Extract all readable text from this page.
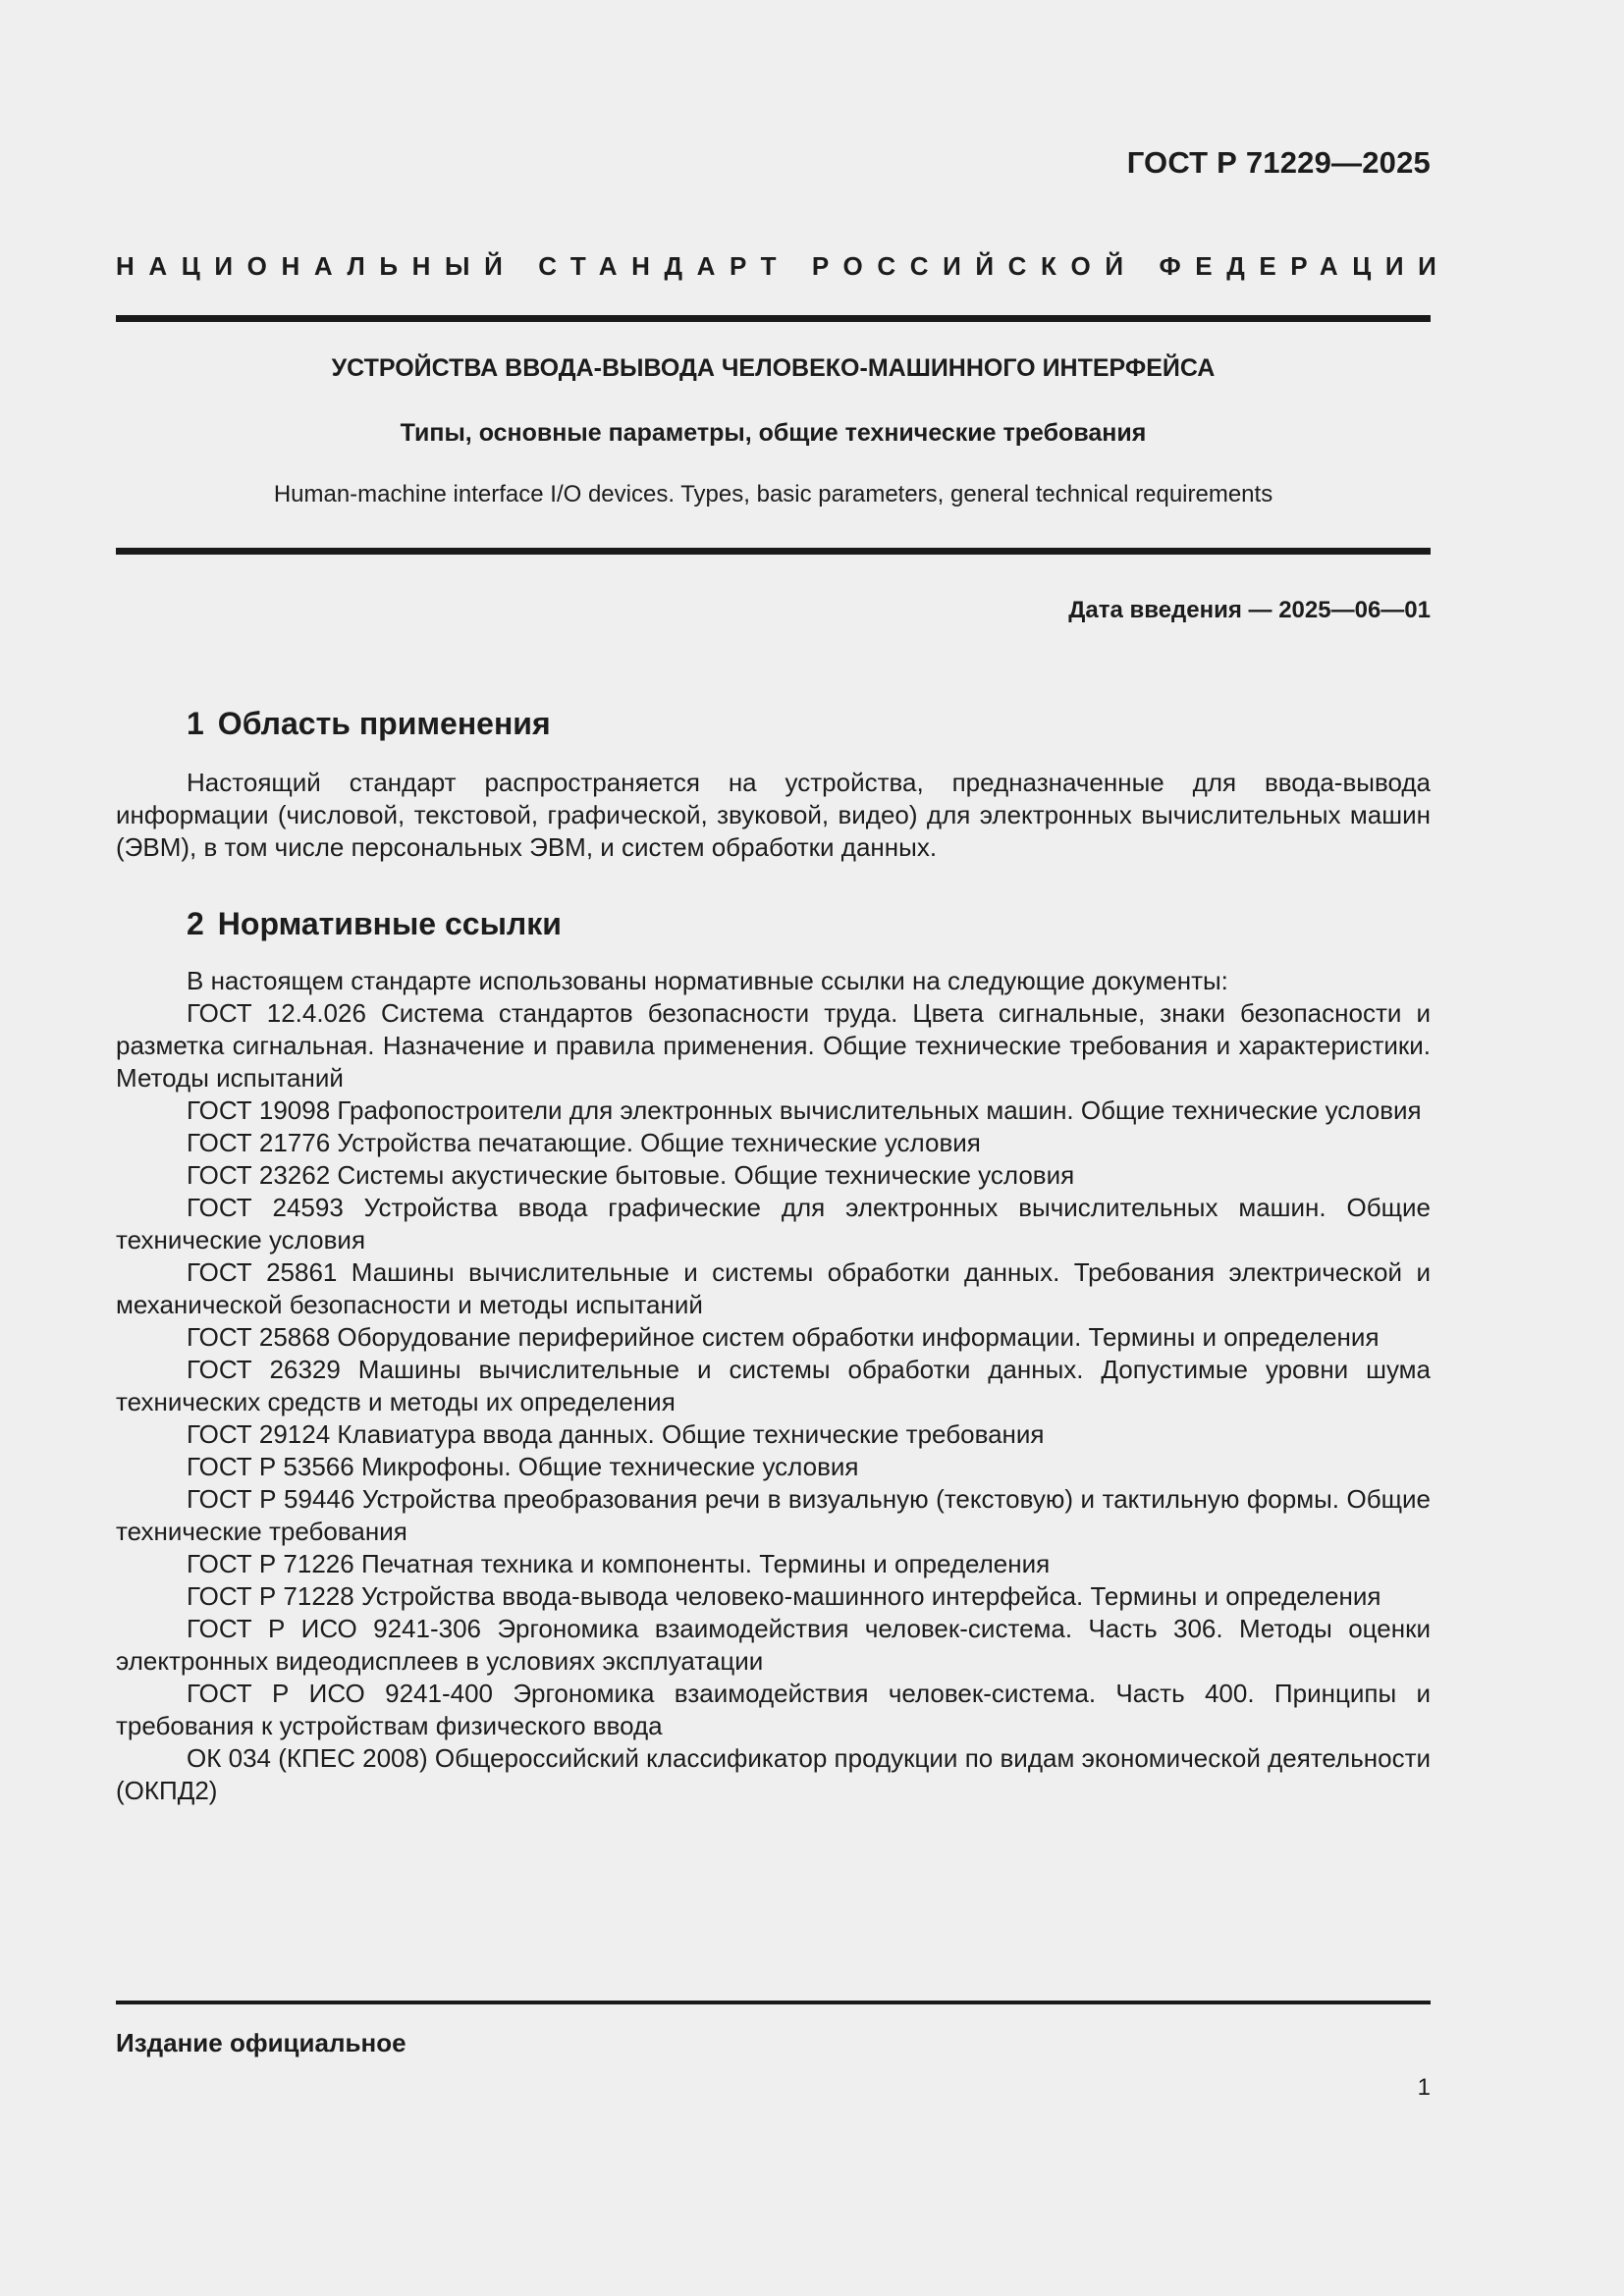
ГОСТ Р 71229—2025
НАЦИОНАЛЬНЫЙ СТАНДАРТ РОССИЙСКОЙ ФЕДЕРАЦИИ
УСТРОЙСТВА ВВОДА-ВЫВОДА ЧЕЛОВЕКО-МАШИННОГО ИНТЕРФЕЙСА
Типы, основные параметры, общие технические требования
Human-machine interface I/O devices. Types, basic parameters, general technical requirements
Дата введения — 2025—06—01
1 Область применения

Настоящий стандарт распространяется на устройства, предназначенные для ввода-вывода информации (числовой, текстовой, графической, звуковой, видео) для электронных вычислительных машин (ЭВМ), в том числе персональных ЭВМ, и систем обработки данных.

2 Нормативные ссылки

В настоящем стандарте использованы нормативные ссылки на следующие документы:

ГОСТ 12.4.026 Система стандартов безопасности труда. Цвета сигнальные, знаки безопасности и разметка сигнальная. Назначение и правила применения. Общие технические требования и характеристики. Методы испытаний

ГОСТ 19098 Графопостроители для электронных вычислительных машин. Общие технические условия

ГОСТ 21776 Устройства печатающие. Общие технические условия

ГОСТ 23262 Системы акустические бытовые. Общие технические условия

ГОСТ 24593 Устройства ввода графические для электронных вычислительных машин. Общие технические условия

ГОСТ 25861 Машины вычислительные и системы обработки данных. Требования электрической и механической безопасности и методы испытаний

ГОСТ 25868 Оборудование периферийное систем обработки информации. Термины и определения

ГОСТ 26329 Машины вычислительные и системы обработки данных. Допустимые уровни шума технических средств и методы их определения

ГОСТ 29124 Клавиатура ввода данных. Общие технические требования

ГОСТ Р 53566 Микрофоны. Общие технические условия

ГОСТ Р 59446 Устройства преобразования речи в визуальную (текстовую) и тактильную формы. Общие технические требования

ГОСТ Р 71226 Печатная техника и компоненты. Термины и определения

ГОСТ Р 71228 Устройства ввода-вывода человеко-машинного интерфейса. Термины и определения

ГОСТ Р ИСО 9241-306 Эргономика взаимодействия человек-система. Часть 306. Методы оценки электронных видеодисплеев в условиях эксплуатации

ГОСТ Р ИСО 9241-400 Эргономика взаимодействия человек-система. Часть 400. Принципы и требования к устройствам физического ввода

ОК 034 (КПЕС 2008) Общероссийский классификатор продукции по видам экономической деятельности (ОКПД2)

Издание официальное
1
